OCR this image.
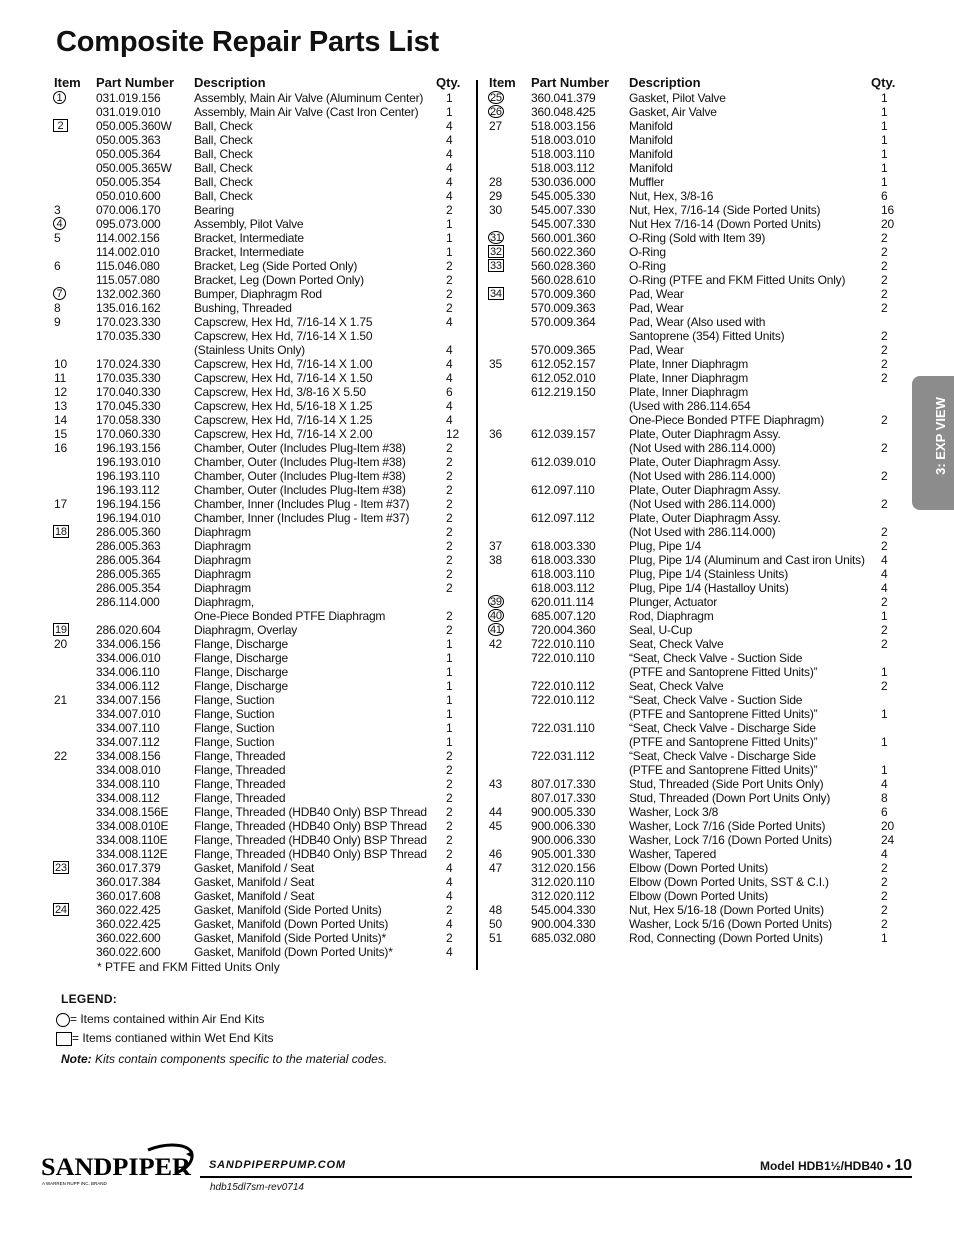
Composite Repair Parts List
Item Part Number Description	Qty.
1	031.019.156	Assembly, Main Air Valve (Aluminum Center) 1
031.019.010	Assembly, Main Air Valve (Cast Iron Center) 1
2	050.005.360W Ball, Check	4
050.005.363	Ball, Check	4
050.005.364	Ball, Check	4
050.005.365W Ball, Check	4
050.005.354	Ball, Check	4
050.010.600	Ball, Check	4
3	070.006.170	Bearing	2
4	095.073.000	Assembly, Pilot Valve	1
5	114.002.156	Bracket, Intermediate	1
114.002.010	Bracket, Intermediate	1
6	115.046.080	Bracket, Leg (Side Ported Only)	2
115.057.080	Bracket, Leg (Down Ported Only)	2
7	132.002.360	Bumper, Diaphragm Rod	2
8	135.016.162	Bushing, Threaded	2
9	170.023.330	Capscrew, Hex Hd, 7/16-14 X 1.75	4
170.035.330	Capscrew, Hex Hd, 7/16-14 X 1.50
(Stainless Units Only)	4
10 170.024.330	Capscrew, Hex Hd, 7/16-14 X 1.00	4
11 170.035.330	Capscrew, Hex Hd, 7/16-14 X 1.50	4
12 170.040.330	Capscrew, Hex Hd, 3/8-16 X 5.50	6
13 170.045.330	Capscrew, Hex Hd, 5/16-18 X 1.25	4
14 170.058.330	Capscrew, Hex Hd, 7/16-14 X 1.25	4
15 170.060.330	Capscrew, Hex Hd, 7/16-14 X 2.00	12
16 196.193.156	Chamber, Outer (Includes Plug-Item #38)	2
196.193.010	Chamber, Outer (Includes Plug-Item #38)	2
196.193.110	Chamber, Outer (Includes Plug-Item #38)	2
196.193.112	Chamber, Outer (Includes Plug-Item #38)	2
17 196.194.156	Chamber, Inner (Includes Plug - Item #37)	2
196.194.010	Chamber, Inner (Includes Plug - Item #37)	2
18 286.005.360	Diaphragm	2
286.005.363	Diaphragm	2
286.005.364	Diaphragm	2
286.005.365	Diaphragm	2
286.005.354	Diaphragm	2
286.114.000	Diaphragm,
One-Piece Bonded PTFE Diaphragm	2
19 286.020.604	Diaphragm, Overlay	2
20 334.006.156	Flange, Discharge	1
334.006.010	Flange, Discharge	1
334.006.110	Flange, Discharge	1
334.006.112	Flange, Discharge	1
21 334.007.156	Flange, Suction	1
334.007.010	Flange, Suction	1
334.007.110	Flange, Suction	1
334.007.112	Flange, Suction	1
22 334.008.156	Flange, Threaded	2
334.008.010	Flange, Threaded	2
334.008.110	Flange, Threaded	2
334.008.112	Flange, Threaded	2
334.008.156E Flange, Threaded (HDB40 Only) BSP Thread 2
334.008.010E Flange, Threaded (HDB40 Only) BSP Thread 2
334.008.110E Flange, Threaded (HDB40 Only) BSP Thread 2
334.008.112E Flange, Threaded (HDB40 Only) BSP Thread 2
23 360.017.379	Gasket, Manifold / Seat	4
360.017.384	Gasket, Manifold / Seat	4
360.017.608	Gasket, Manifold / Seat	4
24 360.022.425	Gasket, Manifold (Side Ported Units)	2
360.022.425	Gasket, Manifold (Down Ported Units)	4
360.022.600	Gasket, Manifold (Side Ported Units)*	2
360.022.600	Gasket, Manifold (Down Ported Units)*	4
Item Part Number Description	Qty.
25 360.041.379	Gasket, Pilot Valve	1
26 360.048.425	Gasket, Air Valve	1
27 518.003.156	Manifold	1
518.003.010	Manifold	1
518.003.110	Manifold	1
518.003.112	Manifold	1
28 530.036.000	Muffler	1
29 545.005.330	Nut, Hex, 3/8-16	6
30 545.007.330	Nut, Hex, 7/16-14 (Side Ported Units)	16
545.007.330	Nut Hex 7/16-14 (Down Ported Units)	20
31 560.001.360	O-Ring (Sold with Item 39)	2
32 560.022.360	O-Ring	2
33 560.028.360	O-Ring	2
560.028.610	O-Ring (PTFE and FKM Fitted Units Only)	2
34 570.009.360	Pad, Wear	2
570.009.363	Pad, Wear	2
570.009.364	Pad, Wear (Also used with
Santoprene (354) Fitted Units)	2
570.009.365	Pad, Wear	2
35 612.052.157	Plate, Inner Diaphragm	2
612.052.010	Plate, Inner Diaphragm	2
612.219.150	Plate, Inner Diaphragm
(Used with 286.114.654
One-Piece Bonded PTFE Diaphragm)	2
36 612.039.157	Plate, Outer Diaphragm Assy.
(Not Used with 286.114.000)	2
612.039.010	Plate, Outer Diaphragm Assy.
(Not Used with 286.114.000)	2
612.097.110	Plate, Outer Diaphragm Assy.
(Not Used with 286.114.000)	2
612.097.112	Plate, Outer Diaphragm Assy.
(Not Used with 286.114.000)	2
37 618.003.330	Plug, Pipe 1/4	2
38 618.003.330	Plug, Pipe 1/4 (Aluminum and Cast iron Units) 4
618.003.110	Plug, Pipe 1/4 (Stainless Units)	4
618.003.112	Plug, Pipe 1/4 (Hastalloy Units)	4
39 620.011.114	Plunger, Actuator	2
40 685.007.120	Rod, Diaphragm	1
41 720.004.360	Seal, U-Cup	2
42 722.010.110	Seat, Check Valve	2
722.010.110	“Seat, Check Valve - Suction Side
(PTFE and Santoprene Fitted Units)”	1
722.010.112	Seat, Check Valve	2
722.010.112	“Seat, Check Valve - Suction Side
(PTFE and Santoprene Fitted Units)”	1
722.031.110	“Seat, Check Valve - Discharge Side
(PTFE and Santoprene Fitted Units)”	1
722.031.112	“Seat, Check Valve - Discharge Side
(PTFE and Santoprene Fitted Units)”	1
43 807.017.330	Stud, Threaded (Side Port Units Only)	4
807.017.330	Stud, Threaded (Down Port Units Only)	8
44 900.005.330	Washer, Lock 3/8	6
45 900.006.330	Washer, Lock 7/16 (Side Ported Units)	20
900.006.330	Washer, Lock 7/16 (Down Ported Units)	24
46 905.001.330	Washer, Tapered	4
47 312.020.156	Elbow (Down Ported Units)	2
312.020.110	Elbow (Down Ported Units, SST & C.I.)	2
312.020.112	Elbow (Down Ported Units)	2
48 545.004.330	Nut, Hex 5/16-18 (Down Ported Units)	2
50 900.004.330	Washer, Lock 5/16 (Down Ported Units)	2
51 685.032.080	Rod, Connecting (Down Ported Units)	1
* PTFE and FKM Fitted Units Only
LEGEND:
= Items contained within Air End Kits
= Items contianed within Wet End Kits
Note: Kits contain components specific to the material codes.
3: EXP VIEW
SANDPIPER
A WARREN RUPP INC. BRAND
SANDPIPERPUMP.COM
hdb15dl7sm-rev0714
Model HDB1½/HDB40 • 10
